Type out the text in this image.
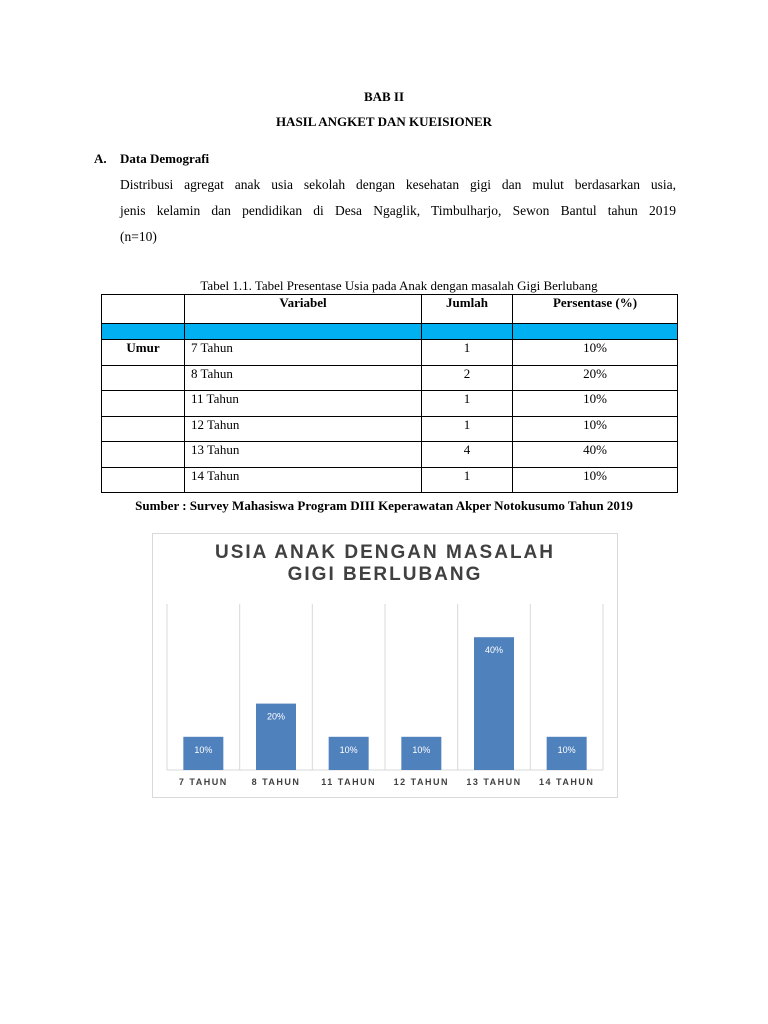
BAB II
HASIL ANGKET DAN KUEISIONER
A. Data Demografi
Distribusi agregat anak usia sekolah dengan kesehatan gigi dan mulut berdasarkan usia,
jenis kelamin dan pendidikan di Desa Ngaglik, Timbulharjo, Sewon Bantul tahun 2019
(n=10)
Tabel 1.1. Tabel Presentase Usia pada Anak dengan masalah Gigi Berlubang
	Variabel	Jumlah	Persentase (%)

Umur	7 Tahun	1	10%
	8 Tahun	2	20%
	11 Tahun	1	10%
	12 Tahun	1	10%
	13 Tahun	4	40%
	14 Tahun	1	10%
Sumber : Survey Mahasiswa Program DIII Keperawatan Akper Notokusumo Tahun 2019
USIA ANAK DENGAN MASALAH
GIGI BERLUBANG
10%
7 TAHUN
20%
8 TAHUN
10%
11 TAHUN
10%
12 TAHUN
40%
13 TAHUN
10%
14 TAHUN
